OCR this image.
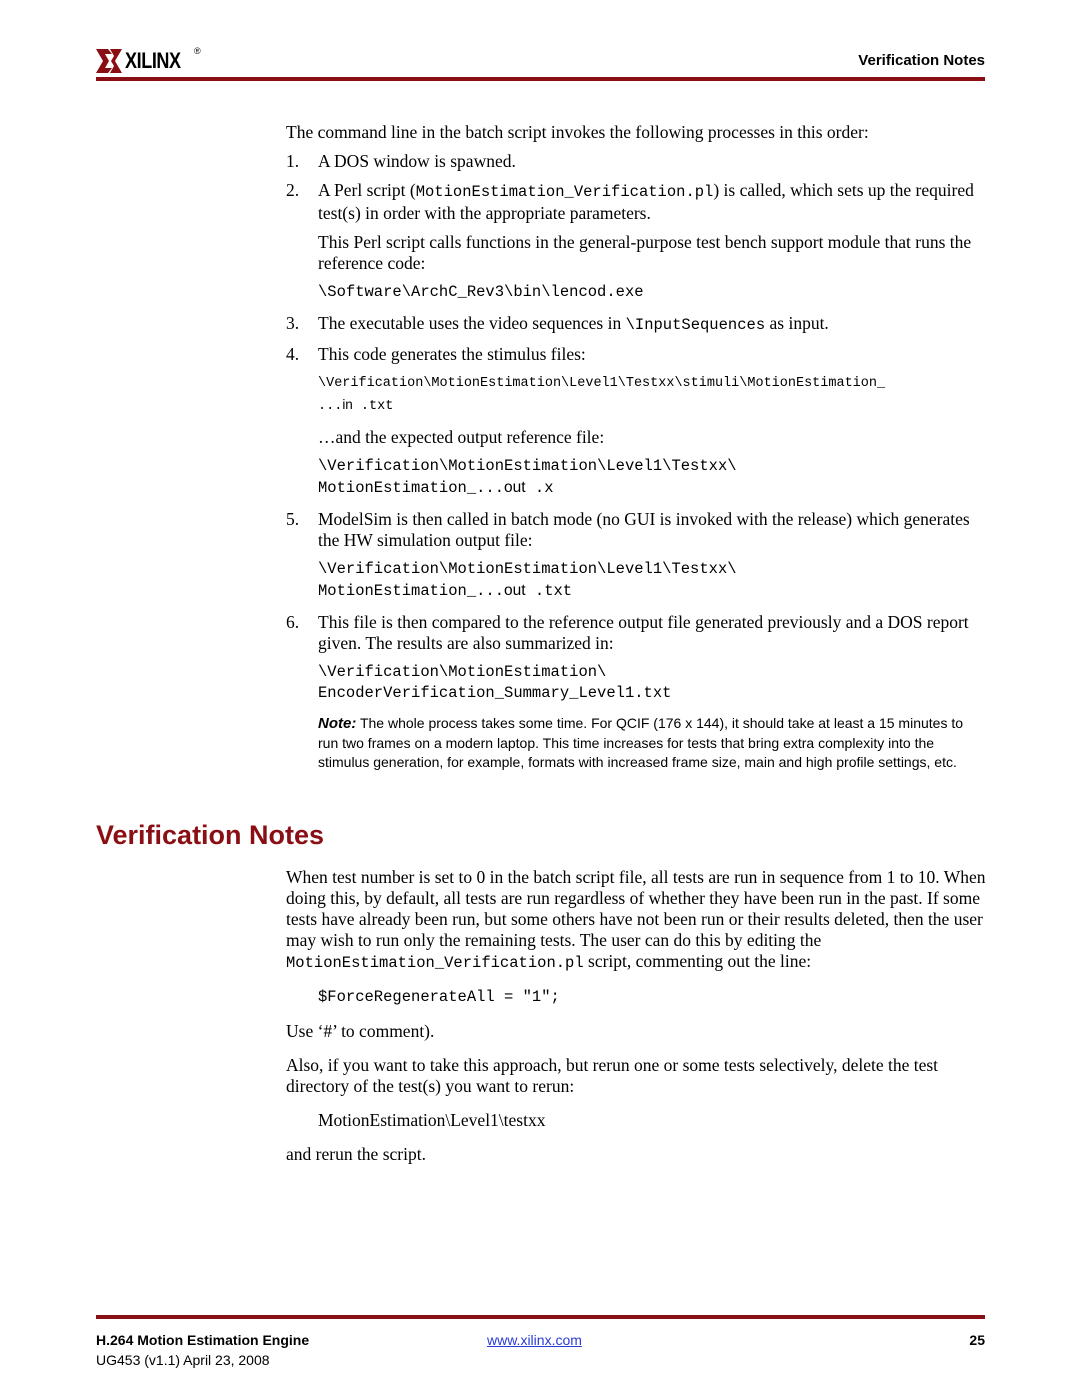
XILINX ®
Verification Notes

The command line in the batch script invokes the following processes in this order:

1.	A DOS window is spawned.
2.	A Perl script (MotionEstimation_Verification.pl) is called, which sets up the required test(s) in order with the appropriate parameters.

This Perl script calls functions in the general-purpose test bench support module that runs the reference code:

\Software\ArchC_Rev3\bin\lencod.exe
3.	The executable uses the video sequences in \InputSequences as input.
4.	This code generates the stimulus files:
\Verification\MotionEstimation\Level1\Testxx\stimuli\MotionEstimation_
...in .txt

…and the expected output reference file:

\Verification\MotionEstimation\Level1\Testxx\
MotionEstimation_...out .x
5.	ModelSim is then called in batch mode (no GUI is invoked with the release) which generates the HW simulation output file:
\Verification\MotionEstimation\Level1\Testxx\
MotionEstimation_...out .txt
6.	This file is then compared to the reference output file generated previously and a DOS report given. The results are also summarized in:
\Verification\MotionEstimation\
EncoderVerification_Summary_Level1.txt
Note: The whole process takes some time. For QCIF (176 x 144), it should take at least a 15 minutes to run two frames on a modern laptop. This time increases for tests that bring extra complexity into the stimulus generation, for example, formats with increased frame size, main and high profile settings, etc.
Verification Notes

When test number is set to 0 in the batch script file, all tests are run in sequence from 1 to 10. When doing this, by default, all tests are run regardless of whether they have been run in the past. If some tests have already been run, but some others have not been run or their results deleted, then the user may wish to run only the remaining tests. The user can do this by editing the MotionEstimation_Verification.pl script, commenting out the line:

$ForceRegenerateAll = "1";

Use ‘#’ to comment).

Also, if you want to take this approach, but rerun one or some tests selectively, delete the test directory of the test(s) you want to rerun:

MotionEstimation\Level1\testxx

and rerun the script.

H.264 Motion Estimation Engine
UG453 (v1.1) April 23, 2008
www.xilinx.com	25
